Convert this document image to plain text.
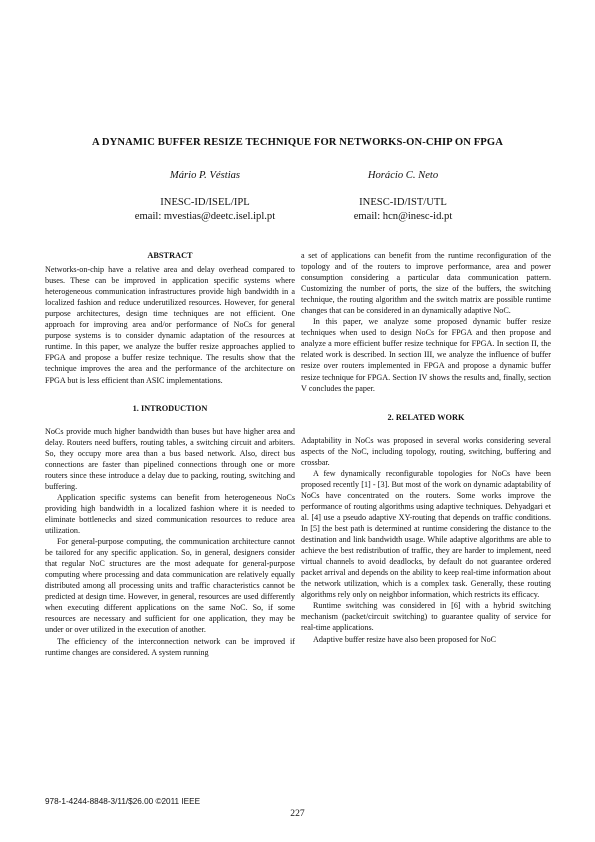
A DYNAMIC BUFFER RESIZE TECHNIQUE FOR NETWORKS-ON-CHIP ON FPGA
Mário P. Véstias
INESC-ID/ISEL/IPL
email: mvestias@deetc.isel.ipl.pt
Horácio C. Neto
INESC-ID/IST/UTL
email: hcn@inesc-id.pt

ABSTRACT

Networks-on-chip have a relative area and delay overhead compared to buses. These can be improved in application specific systems where heterogeneous communication infrastructures provide high bandwidth in a localized fashion and reduce underutilized resources. However, for general purpose architectures, design time techniques are not efficient. One approach for improving area and/or performance of NoCs for general purpose systems is to consider dynamic adaptation of the resources at runtime. In this paper, we analyze the buffer resize approaches applied to FPGA and propose a buffer resize technique. The results show that the technique improves the area and the performance of the architecture on FPGA but is less efficient than ASIC implementations.

1. INTRODUCTION

NoCs provide much higher bandwidth than buses but have higher area and delay. Routers need buffers, routing tables, a switching circuit and arbiters. So, they occupy more area than a bus based network. Also, direct bus connections are faster than pipelined connections through one or more routers since these introduce a delay due to packing, routing, switching and buffering.

Application specific systems can benefit from heterogeneous NoCs providing high bandwidth in a localized fashion where it is needed to eliminate bottlenecks and sized communication resources to reduce area utilization.

For general-purpose computing, the communication architecture cannot be tailored for any specific application. So, in general, designers consider that regular NoC structures are the most adequate for general-purpose computing where processing and data communication are relatively equally distributed among all processing units and traffic characteristics cannot be predicted at design time. However, in general, resources are used differently when executing different applications on the same NoC. So, if some resources are necessary and sufficient for one application, they may be under or over utilized in the execution of another.

The efficiency of the interconnection network can be improved if runtime changes are considered. A system running

a set of applications can benefit from the runtime reconfiguration of the topology and of the routers to improve performance, area and power consumption considering a particular data communication pattern. Customizing the number of ports, the size of the buffers, the switching technique, the routing algorithm and the switch matrix are possible runtime changes that can be considered in an dynamically adaptive NoC.

In this paper, we analyze some proposed dynamic buffer resize techniques when used to design NoCs for FPGA and then propose and analyze a more efficient buffer resize technique for FPGA. In section II, the related work is described. In section III, we analyze the influence of buffer resize over routers implemented in FPGA and propose a dynamic buffer resize technique for FPGA. Section IV shows the results and, finally, section V concludes the paper.

2. RELATED WORK

Adaptability in NoCs was proposed in several works considering several aspects of the NoC, including topology, routing, switching, buffering and crossbar.

A few dynamically reconfigurable topologies for NoCs have been proposed recently [1] - [3]. But most of the work on dynamic adaptability of NoCs have concentrated on the routers. Some works improve the performance of routing algorithms using adaptive techniques. Dehyadgari et al. [4] use a pseudo adaptive XY-routing that depends on traffic conditions. In [5] the best path is determined at runtime considering the distance to the destination and link bandwidth usage. While adaptive algorithms are able to achieve the best redistribution of traffic, they are harder to implement, need virtual channels to avoid deadlocks, by default do not guarantee ordered packet arrival and depends on the ability to keep real-time information about the network utilization, which is a complex task. Generally, these routing algorithms rely only on neighbor information, which restricts its efficacy.

Runtime switching was considered in [6] with a hybrid switching mechanism (packet/circuit switching) to guarantee quality of service for real-time applications.

Adaptive buffer resize have also been proposed for NoC

978-1-4244-8848-3/11/$26.00 ©2011 IEEE
227
